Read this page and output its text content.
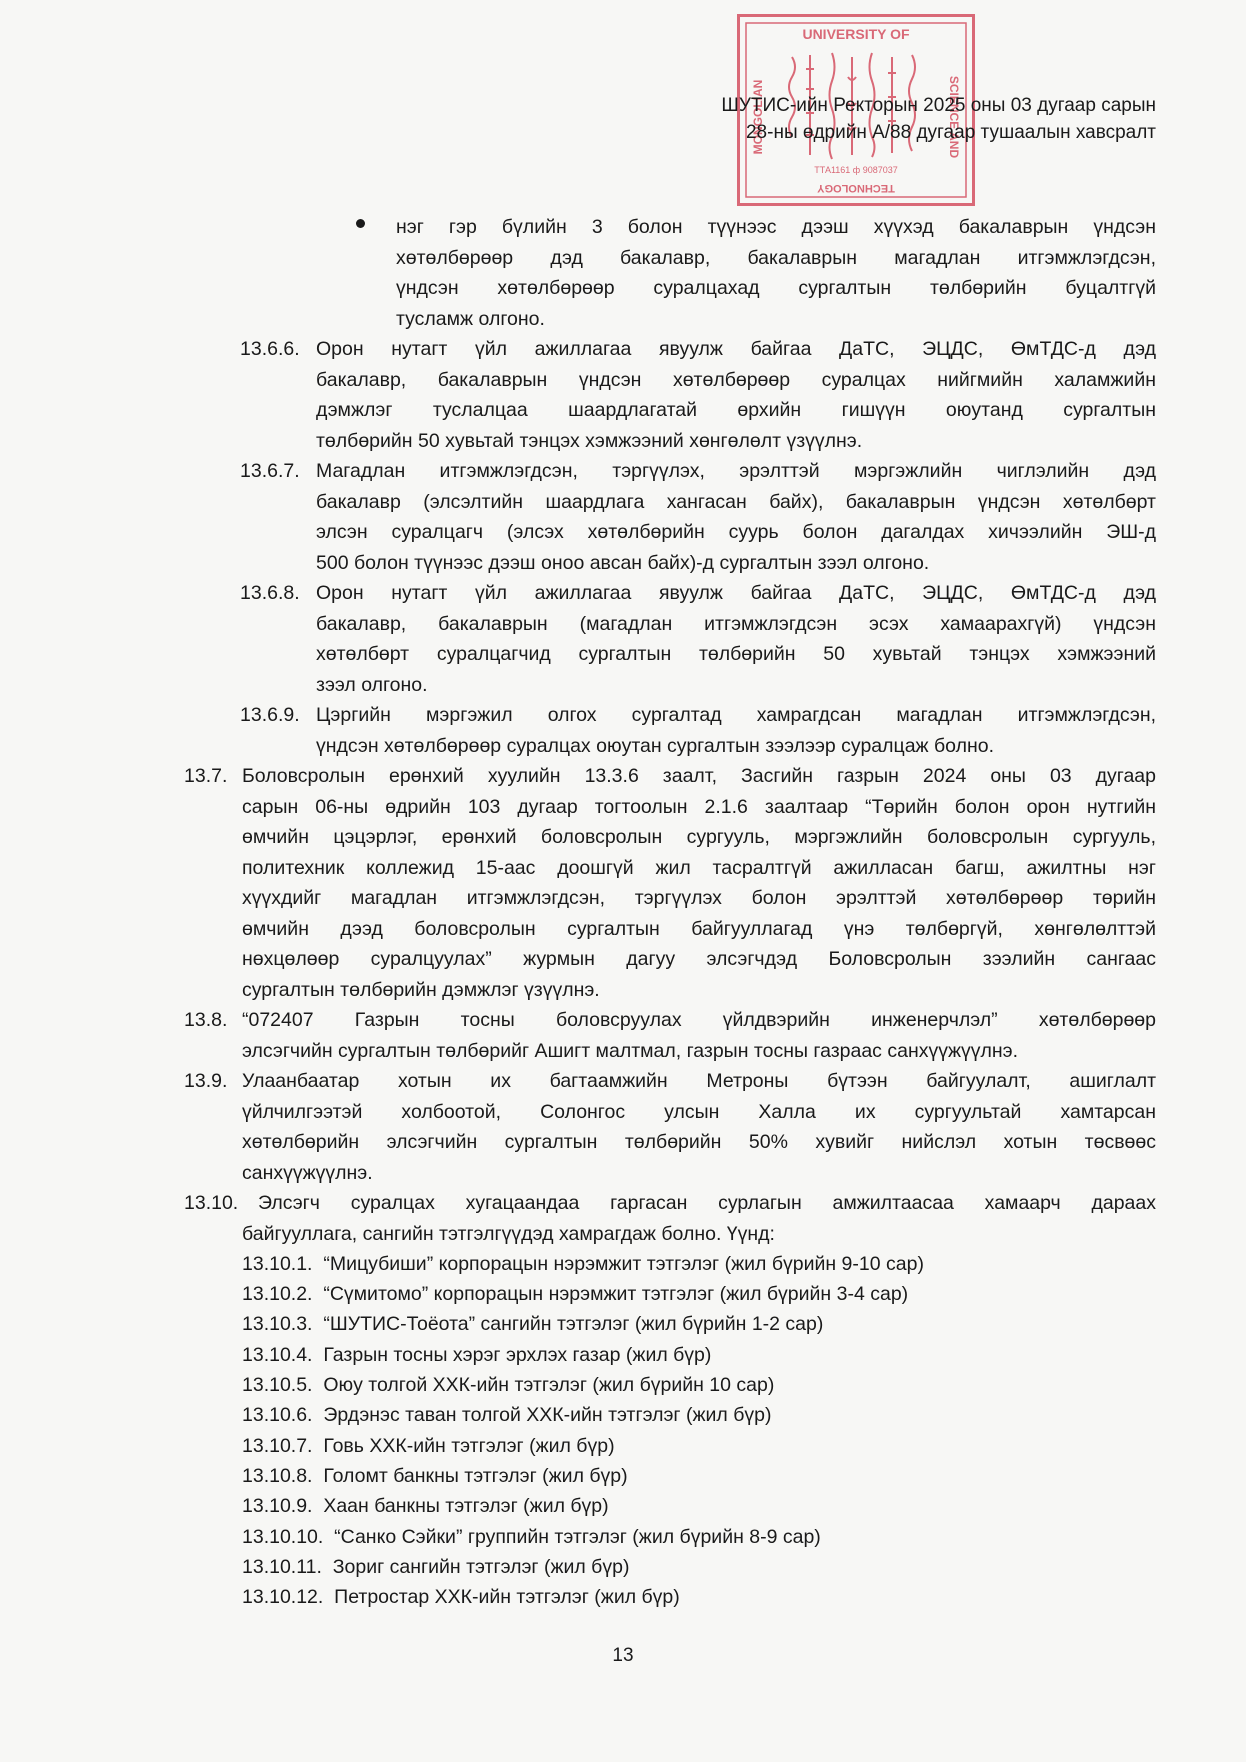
UNIVERSITY OF
MONGOLIAN	SCIENCE AND
TECHNOLOGY
ТТА1161 ф 9087037
ШУТИС-ийн Ректорын 2025 оны 03 дугаар сарын
28-ны өдрийн А/88 дугаар тушаалын хавсралт
нэг гэр бүлийн 3 болон түүнээс дээш хүүхэд бакалаврын үндсэн
хөтөлбөрөөр дэд бакалавр, бакалаврын магадлан итгэмжлэгдсэн,
үндсэн хөтөлбөрөөр суралцахад сургалтын төлбөрийн буцалтгүй
тусламж олгоно.
13.6.6. Орон нутагт үйл ажиллагаа явуулж байгаа ДаТС, ЭЦДС, ӨмТДС-д дэд
бакалавр, бакалаврын үндсэн хөтөлбөрөөр суралцах нийгмийн халамжийн
дэмжлэг туслалцаа шаардлагатай өрхийн гишүүн оюутанд сургалтын
төлбөрийн 50 хувьтай тэнцэх хэмжээний хөнгөлөлт үзүүлнэ.
13.6.7. Магадлан итгэмжлэгдсэн, тэргүүлэх, эрэлттэй мэргэжлийн чиглэлийн дэд
бакалавр (элсэлтийн шаардлага хангасан байх), бакалаврын үндсэн хөтөлбөрт
элсэн суралцагч (элсэх хөтөлбөрийн суурь болон дагалдах хичээлийн ЭШ-д
500 болон түүнээс дээш оноо авсан байх)-д сургалтын зээл олгоно.
13.6.8. Орон нутагт үйл ажиллагаа явуулж байгаа ДаТС, ЭЦДС, ӨмТДС-д дэд
бакалавр, бакалаврын (магадлан итгэмжлэгдсэн эсэх хамаарахгүй) үндсэн
хөтөлбөрт суралцагчид сургалтын төлбөрийн 50 хувьтай тэнцэх хэмжээний
зээл олгоно.
13.6.9. Цэргийн мэргэжил олгох сургалтад хамрагдсан магадлан итгэмжлэгдсэн,
үндсэн хөтөлбөрөөр суралцах оюутан сургалтын зээлээр суралцаж болно.
13.7. Боловсролын ерөнхий хуулийн 13.3.6 заалт, Засгийн газрын 2024 оны 03 дугаар
сарын 06-ны өдрийн 103 дугаар тогтоолын 2.1.6 заалтаар “Төрийн болон орон нутгийн
өмчийн цэцэрлэг, ерөнхий боловсролын сургууль, мэргэжлийн боловсролын сургууль,
политехник коллежид 15-аас доошгүй жил тасралтгүй ажилласан багш, ажилтны нэг
хүүхдийг магадлан итгэмжлэгдсэн, тэргүүлэх болон эрэлттэй хөтөлбөрөөр төрийн
өмчийн дээд боловсролын сургалтын байгууллагад үнэ төлбөргүй, хөнгөлөлттэй
нөхцөлөөр суралцуулах” журмын дагуу элсэгчдэд Боловсролын зээлийн сангаас
сургалтын төлбөрийн дэмжлэг үзүүлнэ.
13.8. “072407 Газрын тосны боловсруулах үйлдвэрийн инженерчлэл” хөтөлбөрөөр
элсэгчийн сургалтын төлбөрийг Ашигт малтмал, газрын тосны газраас санхүүжүүлнэ.
13.9. Улаанбаатар хотын их багтаамжийн Метроны бүтээн байгуулалт, ашиглалт
үйлчилгээтэй холбоотой, Солонгос улсын Халла их сургуультай хамтарсан
хөтөлбөрийн элсэгчийн сургалтын төлбөрийн 50% хувийг нийслэл хотын төсвөөс
санхүүжүүлнэ.
13.10. Элсэгч суралцах хугацаандаа гаргасан сурлагын амжилтаасаа хамаарч дараах
байгууллага, сангийн тэтгэлгүүдэд хамрагдаж болно. Үүнд:
13.10.1. “Мицубиши” корпорацын нэрэмжит тэтгэлэг (жил бүрийн 9-10 сар)
13.10.2. “Сүмитомо” корпорацын нэрэмжит тэтгэлэг (жил бүрийн 3-4 сар)
13.10.3. “ШУТИС-Тоёота” сангийн тэтгэлэг (жил бүрийн 1-2 сар)
13.10.4. Газрын тосны хэрэг эрхлэх газар (жил бүр)
13.10.5. Оюу толгой ХХК-ийн тэтгэлэг (жил бүрийн 10 сар)
13.10.6. Эрдэнэс таван толгой ХХК-ийн тэтгэлэг (жил бүр)
13.10.7. Говь ХХК-ийн тэтгэлэг (жил бүр)
13.10.8. Голомт банкны тэтгэлэг (жил бүр)
13.10.9. Хаан банкны тэтгэлэг (жил бүр)
13.10.10. “Санко Сэйки” группийн тэтгэлэг (жил бүрийн 8-9 сар)
13.10.11. Зориг сангийн тэтгэлэг (жил бүр)
13.10.12. Петростар ХХК-ийн тэтгэлэг (жил бүр)
13
